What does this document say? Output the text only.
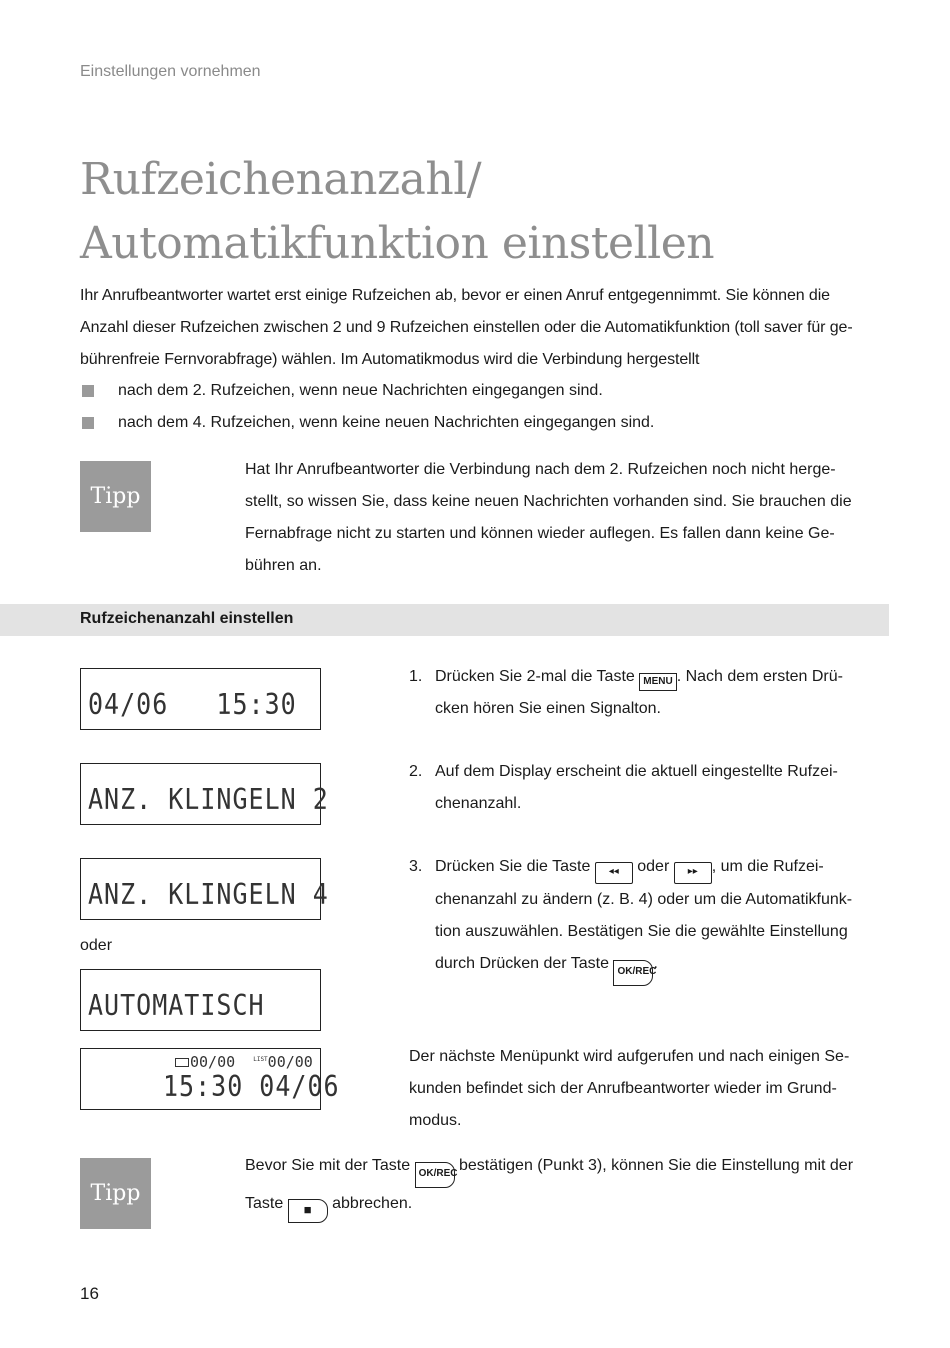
Einstellungen vornehmen
Rufzeichenanzahl/
Automatikfunktion einstellen
Ihr Anrufbeantworter wartet erst einige Rufzeichen ab, bevor er einen Anruf entgegennimmt. Sie können die
Anzahl dieser Rufzeichen zwischen 2 und 9 Rufzeichen einstellen oder die Automatikfunktion (toll saver für ge-
bührenfreie Fernvorabfrage) wählen. Im Automatikmodus wird die Verbindung hergestellt
nach dem 2. Rufzeichen, wenn neue Nachrichten eingegangen sind.
nach dem 4. Rufzeichen, wenn keine neuen Nachrichten eingegangen sind.
Tipp
Hat Ihr Anrufbeantworter die Verbindung nach dem 2. Rufzeichen noch nicht herge-
stellt, so wissen Sie, dass keine neuen Nachrichten vorhanden sind. Sie brauchen die
Fernabfrage nicht zu starten und können wieder auflegen. Es fallen dann keine Ge-
bühren an.
Rufzeichenanzahl einstellen
04/06   15:30
ANZ. KLINGELN 2
ANZ. KLINGELN 4
oder
AUTOMATISCH
00/00	$^{LIST}$00/00
15:30 04/06
1. Drücken Sie 2-mal die Taste MENU . Nach dem ersten Drü-
cken hören Sie einen Signalton.
2. Auf dem Display erscheint die aktuell eingestellte Rufzei-
chenanzahl.
3. Drücken Sie die Taste ◂◂ oder ▸▸ , um die Rufzei-
chenanzahl zu ändern (z. B. 4) oder um die Automatikfunk-
tion auszuwählen. Bestätigen Sie die gewählte Einstellung
durch Drücken der Taste OK/REC.
Der nächste Menüpunkt wird aufgerufen und nach einigen Se-
kunden befindet sich der Anrufbeantworter wieder im Grund-
modus.
Tipp
Bevor Sie mit der Taste OK/REC bestätigen (Punkt 3), können Sie die Einstellung mit der
Taste ■ abbrechen.
16
